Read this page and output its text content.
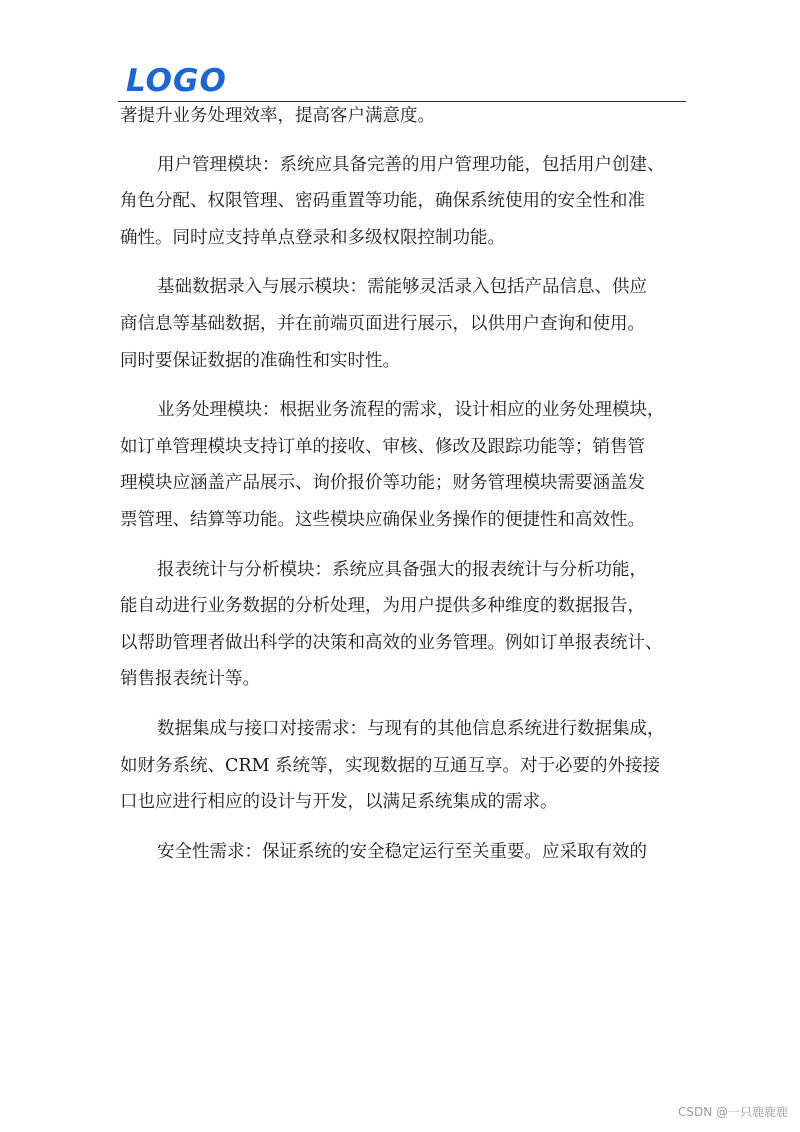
LOGO
著提升业务处理效率，提高客户满意度。
用户管理模块：系统应具备完善的用户管理功能，包括用户创建、
角色分配、权限管理、密码重置等功能，确保系统使用的安全性和准
确性。同时应支持单点登录和多级权限控制功能。
基础数据录入与展示模块：需能够灵活录入包括产品信息、供应
商信息等基础数据，并在前端页面进行展示，以供用户查询和使用。
同时要保证数据的准确性和实时性。
业务处理模块：根据业务流程的需求，设计相应的业务处理模块，
如订单管理模块支持订单的接收、审核、修改及跟踪功能等；销售管
理模块应涵盖产品展示、询价报价等功能；财务管理模块需要涵盖发
票管理、结算等功能。这些模块应确保业务操作的便捷性和高效性。
报表统计与分析模块：系统应具备强大的报表统计与分析功能，
能自动进行业务数据的分析处理，为用户提供多种维度的数据报告，
以帮助管理者做出科学的决策和高效的业务管理。例如订单报表统计、
销售报表统计等。
数据集成与接口对接需求：与现有的其他信息系统进行数据集成，
如财务系统、CRM 系统等，实现数据的互通互享。对于必要的外接接
口也应进行相应的设计与开发，以满足系统集成的需求。
安全性需求：保证系统的安全稳定运行至关重要。应采取有效的
CSDN @一只鹿鹿鹿
